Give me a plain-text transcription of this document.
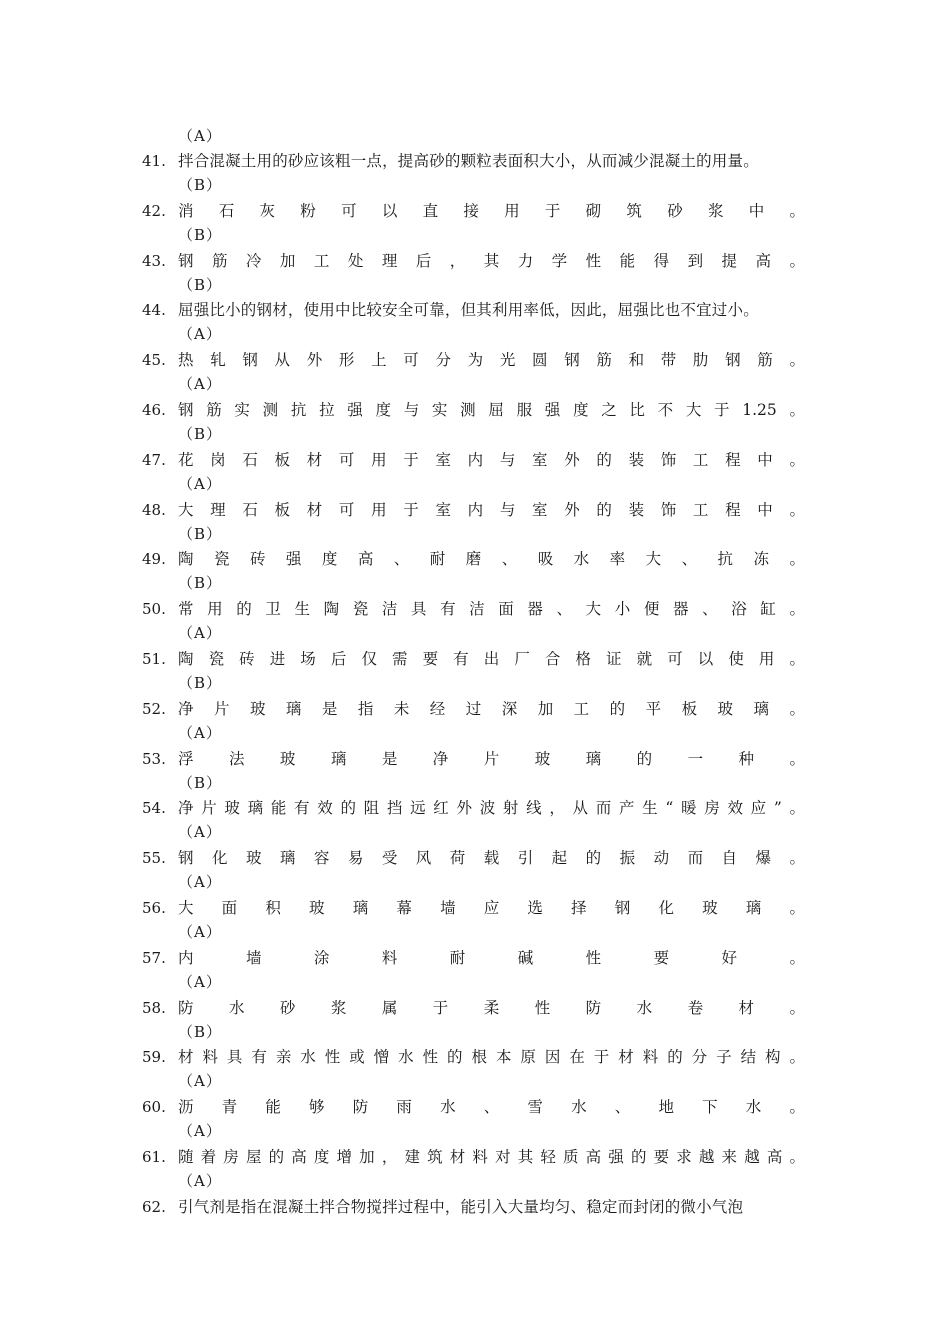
（A）
41. 拌合混凝土用的砂应该粗一点，提高砂的颗粒表面积大小，从而减少混凝土的用量。
（B）
42. 消石灰粉可以直接用于砌筑砂浆中。
（B）
43. 钢筋冷加工处理后，其力学性能得到提高。
（B）
44. 屈强比小的钢材，使用中比较安全可靠，但其利用率低，因此，屈强比也不宜过小。
（A）
45. 热轧钢从外形上可分为光圆钢筋和带肋钢筋。
（A）
46. 钢筋实测抗拉强度与实测屈服强度之比不大于1.25。
（B）
47. 花岗石板材可用于室内与室外的装饰工程中。
（A）
48. 大理石板材可用于室内与室外的装饰工程中。
（B）
49. 陶瓷砖强度高、耐磨、吸水率大、抗冻。
（B）
50. 常用的卫生陶瓷洁具有洁面器、大小便器、浴缸。
（A）
51. 陶瓷砖进场后仅需要有出厂合格证就可以使用。
（B）
52. 净片玻璃是指未经过深加工的平板玻璃。
（A）
53. 浮法玻璃是净片玻璃的一种。
（B）
54. 净片玻璃能有效的阻挡远红外波射线，从而产生“暖房效应”。
（A）
55. 钢化玻璃容易受风荷载引起的振动而自爆。
（A）
56. 大面积玻璃幕墙应选择钢化玻璃。
（A）
57. 内墙涂料耐碱性要好。
（A）
58. 防水砂浆属于柔性防水卷材。
（B）
59. 材料具有亲水性或憎水性的根本原因在于材料的分子结构。
（A）
60. 沥青能够防雨水、雪水、地下水。
（A）
61. 随着房屋的高度增加，建筑材料对其轻质高强的要求越来越高。
（A）
62. 引气剂是指在混凝土拌合物搅拌过程中，能引入大量均匀、稳定而封闭的微小气泡
